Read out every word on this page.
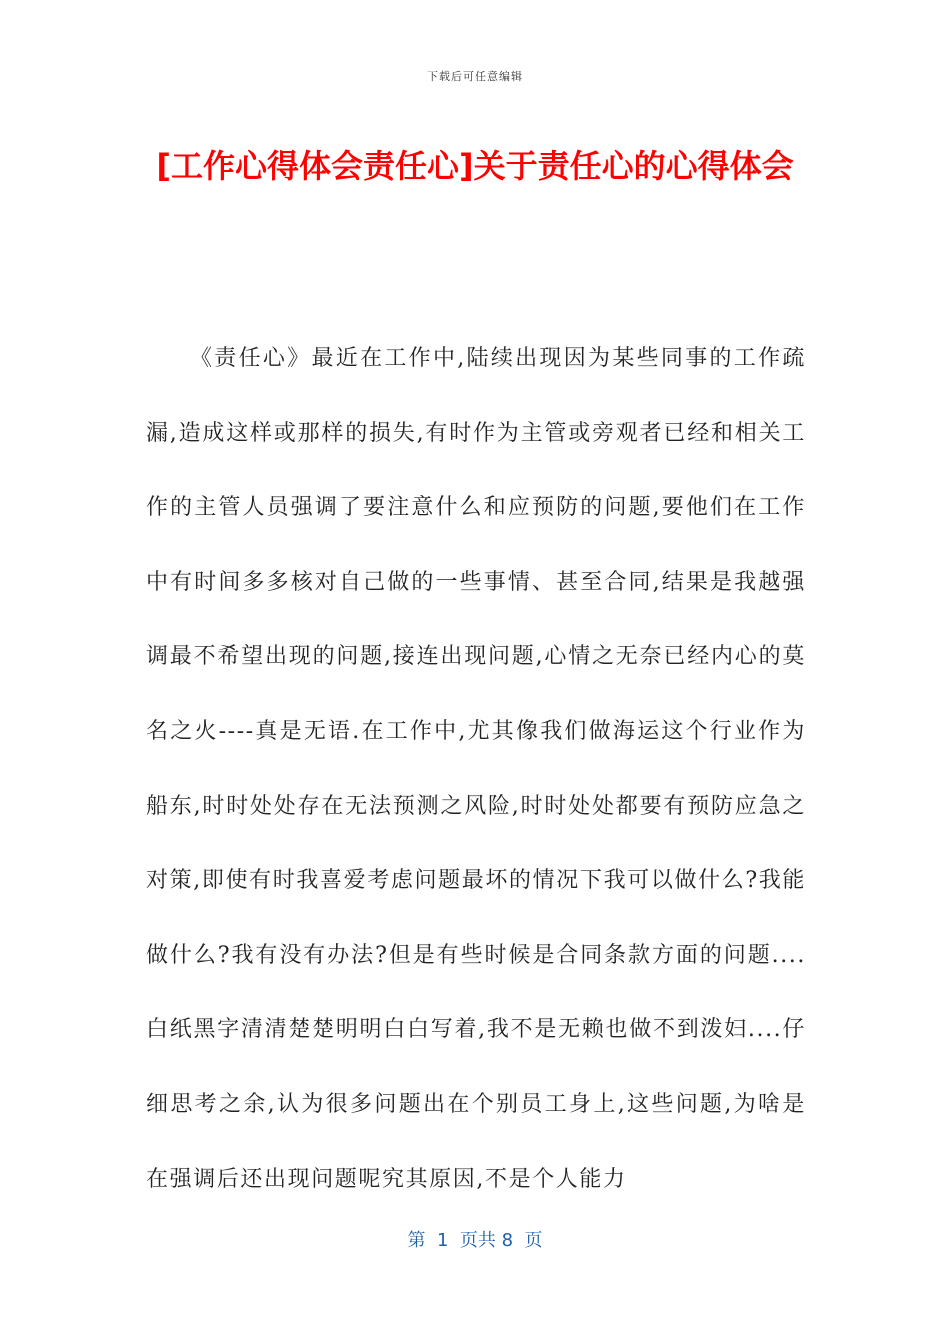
下载后可任意编辑
[工作心得体会责任心]关于责任心的心得体会

《责任心》最近在工作中,陆续出现因为某些同事的工作疏漏,造成这样或那样的损失,有时作为主管或旁观者已经和相关工作的主管人员强调了要注意什么和应预防的问题,要他们在工作中有时间多多核对自己做的一些事情、甚至合同,结果是我越强调最不希望出现的问题,接连出现问题,心情之无奈已经内心的莫名之火----真是无语.在工作中,尤其像我们做海运这个行业作为船东,时时处处存在无法预测之风险,时时处处都要有预防应急之对策,即使有时我喜爱考虑问题最坏的情况下我可以做什么?我能做什么?我有没有办法?但是有些时候是合同条款方面的问题....白纸黑字清清楚楚明明白白写着,我不是无赖也做不到泼妇....仔细思考之余,认为很多问题出在个别员工身上,这些问题,为啥是在强调后还出现问题呢究其原因,不是个人能力

第  1  页共 8  页
